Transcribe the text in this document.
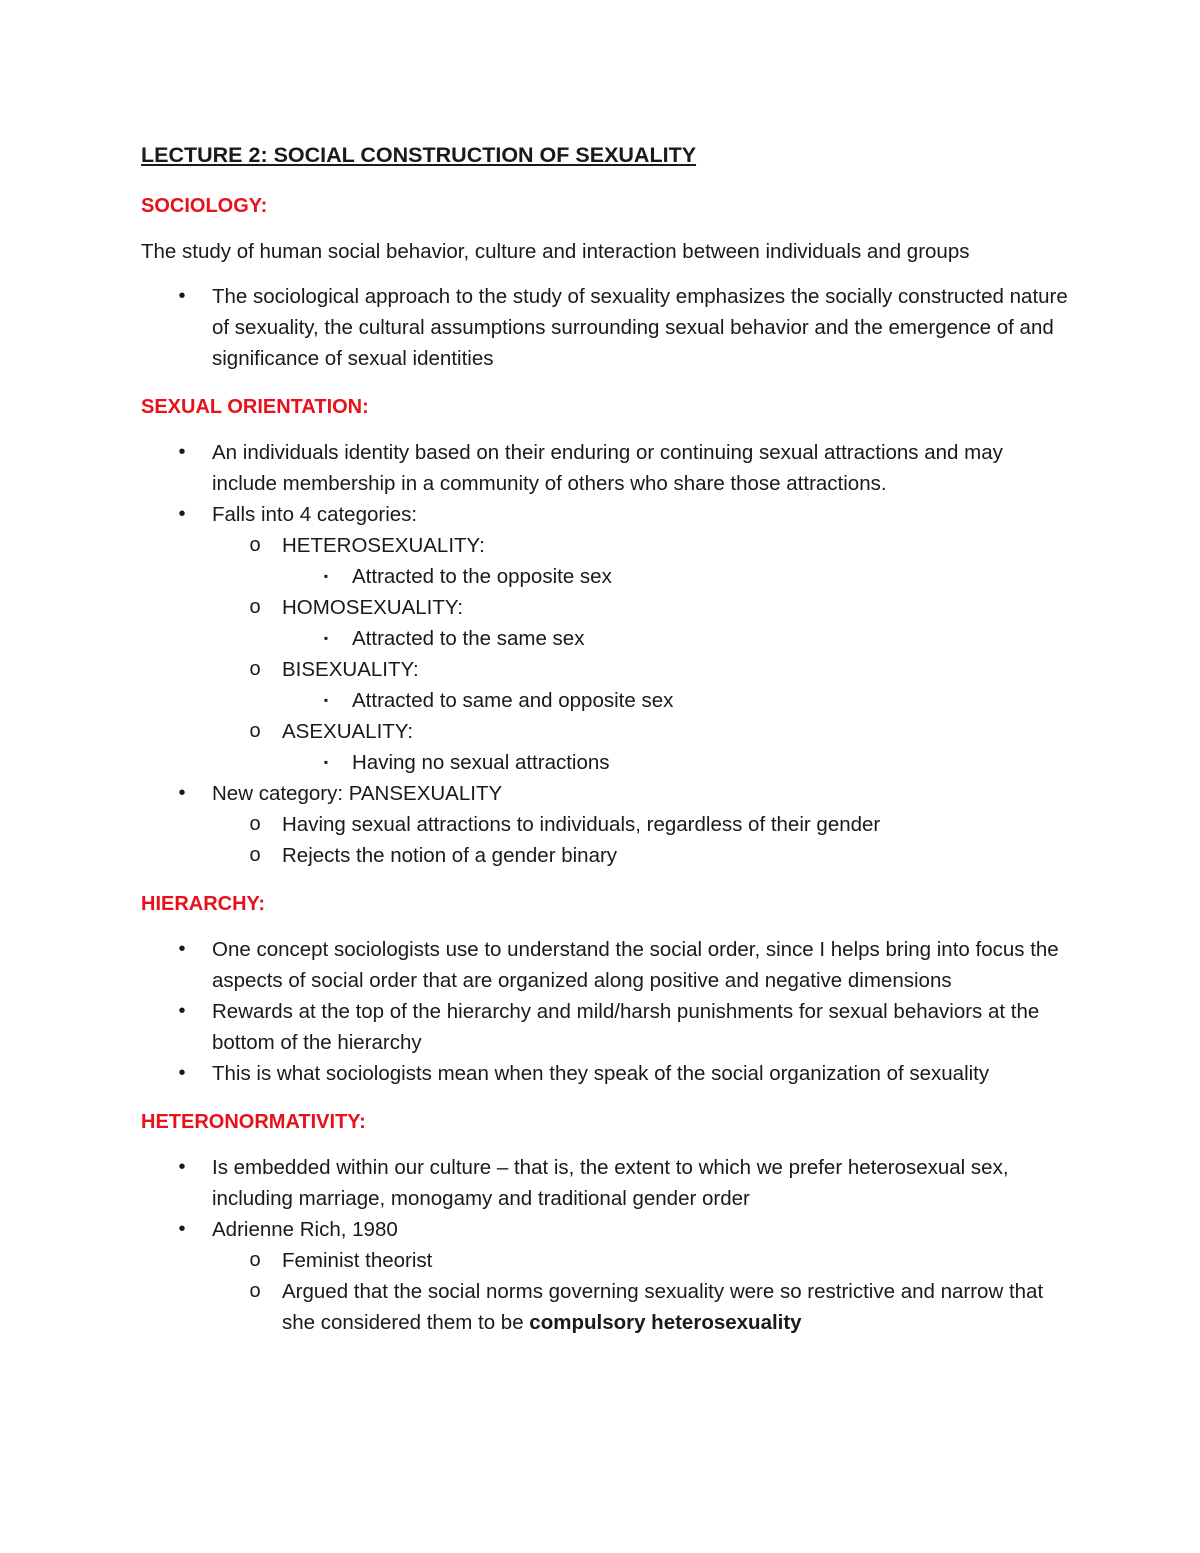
LECTURE 2: SOCIAL CONSTRUCTION OF SEXUALITY
SOCIOLOGY:
The study of human social behavior, culture and interaction between individuals and groups
• The sociological approach to the study of sexuality emphasizes the socially constructed nature of sexuality, the cultural assumptions surrounding sexual behavior and the emergence of and significance of sexual identities
SEXUAL ORIENTATION:
• An individuals identity based on their enduring or continuing sexual attractions and may include membership in a community of others who share those attractions.
• Falls into 4 categories:
o HETEROSEXUALITY:
▪ Attracted to the opposite sex
o HOMOSEXUALITY:
▪ Attracted to the same sex
o BISEXUALITY:
▪ Attracted to same and opposite sex
o ASEXUALITY:
▪ Having no sexual attractions
• New category: PANSEXUALITY
o Having sexual attractions to individuals, regardless of their gender
o Rejects the notion of a gender binary
HIERARCHY:
• One concept sociologists use to understand the social order, since I helps bring into focus the aspects of social order that are organized along positive and negative dimensions
• Rewards at the top of the hierarchy and mild/harsh punishments for sexual behaviors at the bottom of the hierarchy
• This is what sociologists mean when they speak of the social organization of sexuality
HETERONORMATIVITY:
• Is embedded within our culture – that is, the extent to which we prefer heterosexual sex, including marriage, monogamy and traditional gender order
• Adrienne Rich, 1980
o Feminist theorist
o Argued that the social norms governing sexuality were so restrictive and narrow that she considered them to be compulsory heterosexuality
